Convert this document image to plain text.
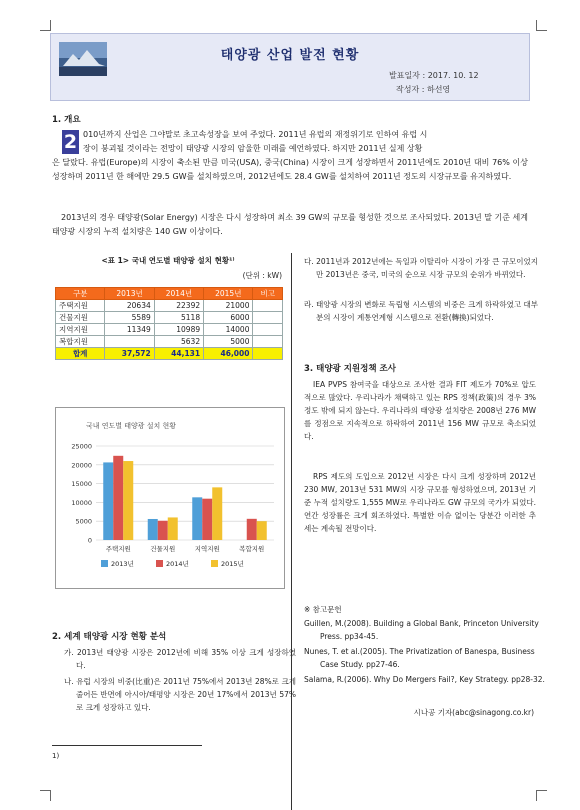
태양광 산업 발전 현황
발표일자 : 2017. 10. 12
작성자 : 하선영
1. 개요
2 010년까지 산업은 그야말로 초고속성장을 보여 주었다. 2011년 유럽의 재정위기로 인하여 유럽 시
장이 붕괴될 것이라는 전망이 태양광 시장의 암울한 미래를 예언하였다. 하지만 2011년 실제 상황
은 달랐다. 유럽(Europe)의 시장이 축소된 만큼 미국(USA), 중국(China) 시장이 크게 성장하면서 2011년에도 2010년 대비 76% 이상 성장하며 2011년 한 해에만 29.5 GW를 설치하였으며, 2012년에도 28.4 GW를 설치하여 2011년 정도의 시장규모를 유지하였다.
2013년의 경우 태양광(Solar Energy) 시장은 다시 성장하며 최소 39 GW의 규모를 형성한 것으로 조사되었다. 2013년 말 기준 세계 태양광 시장의 누적 설치량은 140 GW 이상이다.
<표 1> 국내 연도별 태양광 설치 현황¹⁾
(단위 : kW)
구분	2013년	2014년	2015년	비고
주택지원	20634	22392	21000	
건물지원	5589	5118	6000	
지역지원	11349	10989	14000	
복합지원		5632	5000	
합계	37,572	44,131	46,000	
국내 연도별 태양광 설치 현황
0
5000
10000
15000
20000
25000
주택지원	건물지원	지역지원	복합지원
2013년	2014년	2015년
2. 세계 태양광 시장 현황 분석
가. 2013년 태양광 시장은 2012년에 비해 35% 이상 크게 성장하였다.
나. 유럽 시장의 비중(比重)은 2011년 75%에서 2013년 28%로 크게 줄어든 반면에 아시아/태평양 시장은 20년 17%에서 2013년 57%로 크게 성장하고 있다.
1)
다. 2011년과 2012년에는 독일과 이탈리아 시장이 가장 큰 규모이었지만 2013년은 중국, 미국의 순으로 시장 규모의 순위가 바뀌었다.
라. 태양광 시장의 변화로 독립형 시스템의 비중은 크게 하락하였고 대부분의 시장이 계통연계형 시스템으로 전환(轉換)되었다.
3. 태양광 지원정책 조사
IEA PVPS 참여국을 대상으로 조사한 결과 FIT 제도가 70%로 압도적으로 많았다. 우리나라가 채택하고 있는 RPS 정책(政策)의 경우 3% 정도 밖에 되지 않는다. 우리나라의 태양광 설치량은 2008년 276 MW를 정점으로 지속적으로 하락하여 2011년 156 MW 규모로 축소되었다.
RPS 제도의 도입으로 2012년 시장은 다시 크게 성장하며 2012년 230 MW, 2013년 531 MW의 시장 규모를 형성하였으며, 2013년 기준 누적 설치량도 1,555 MW로 우리나라도 GW 규모의 국가가 되었다. 연간 성장률은 크게 회조하였다. 특별한 이슈 없이는 당분간 이러한 추세는 계속될 전망이다.
※ 참고문헌
Guillen, M.(2008). Building a Global Bank, Princeton University Press. pp34-45.
Nunes, T. et al.(2005). The Privatization of Banespa, Business Case Study. pp27-46.
Salama, R.(2006). Why Do Mergers Fail?, Key Strategy. pp28-32.
시나공 기자(abc@sinagong.co.kr)
